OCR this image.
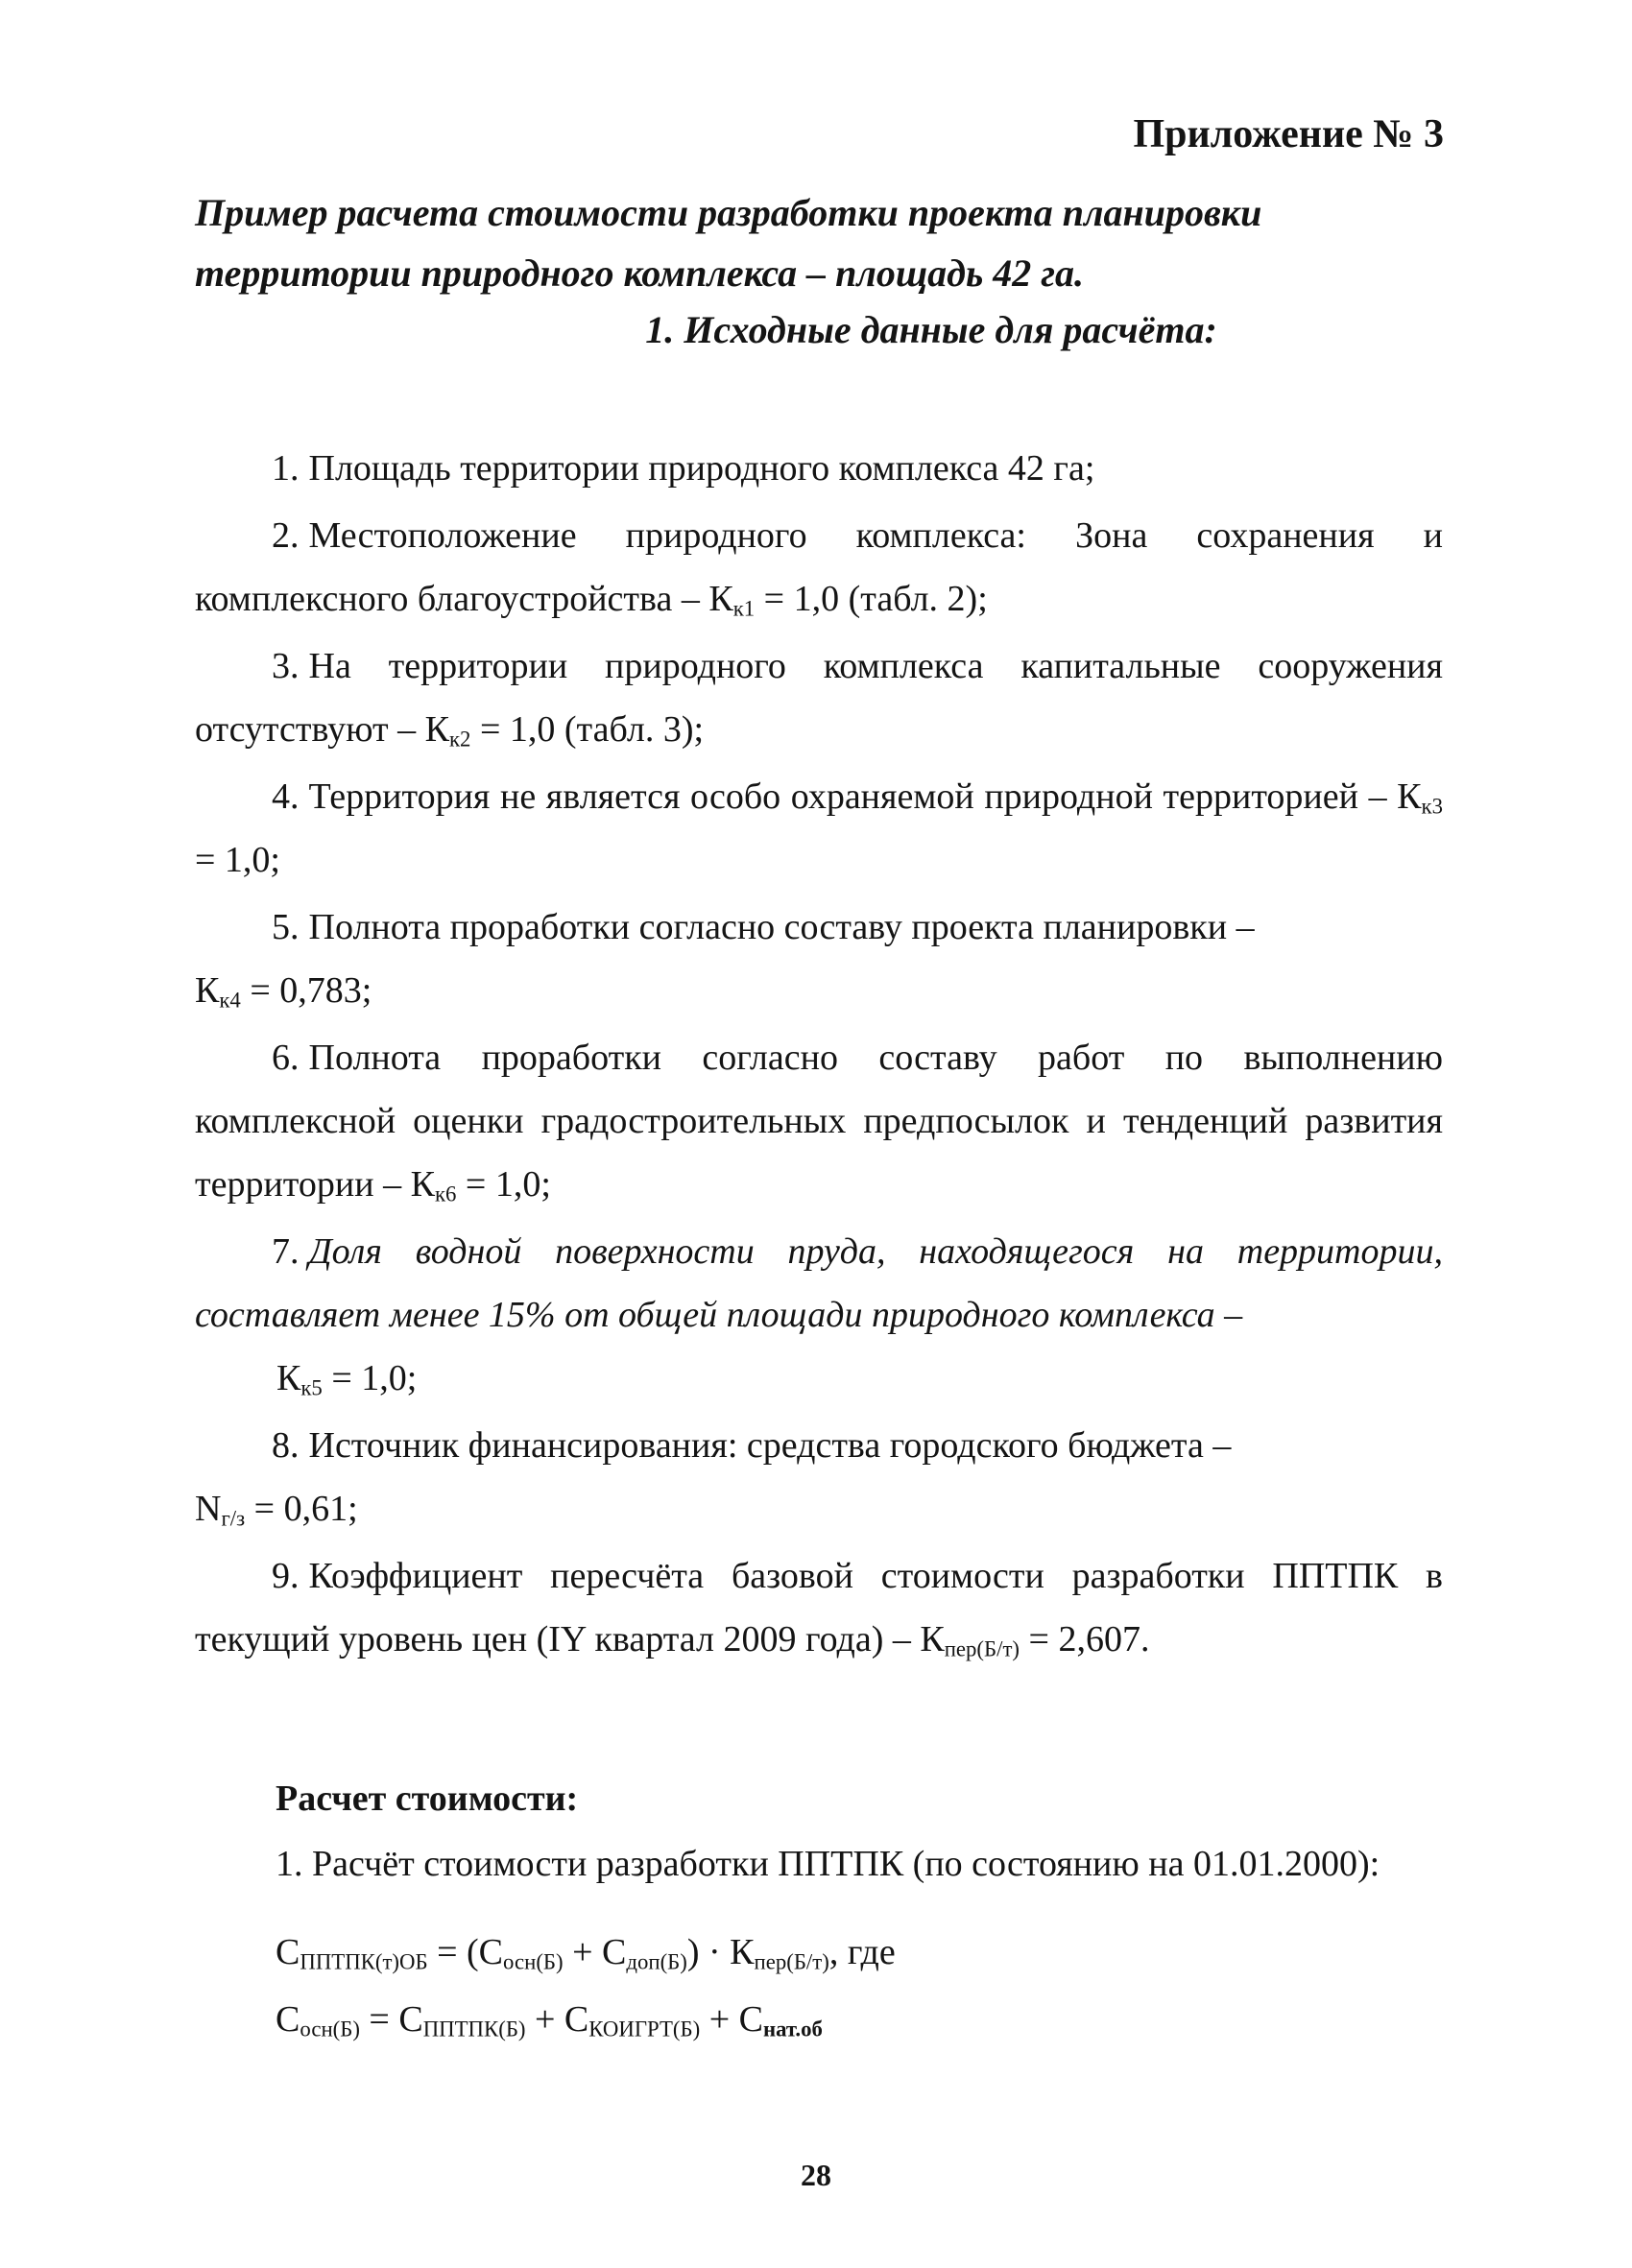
Приложение № 3

Пример расчета стоимости разработки проекта планировки
территории природного комплекса – площадь 42 га.

1. Исходные данные для расчёта:

1. Площадь территории природного комплекса 42 га;
2. Местоположение природного комплекса: Зона сохранения и комплексного благоустройства – $К_{к1} = 1,0$ (табл. 2);
3. На территории природного комплекса капитальные сооружения отсутствуют – $К_{к2} = 1,0$ (табл. 3);
4. Территория не является особо охраняемой природной территорией – $К_{к3} = 1,0$;
5. Полнота проработки согласно составу проекта планировки –
$К_{к4} = 0,783$;
6. Полнота проработки согласно составу работ по выполнению комплексной оценки градостроительных предпосылок и тенденций развития территории – $К_{к6} = 1,0$;
7. Доля водной поверхности пруда, находящегося на территории, составляет менее 15% от общей площади природного комплекса –
$К_{к5} = 1,0$;
8. Источник финансирования: средства городского бюджета –
$N_{г/з} = 0,61$;
9. Коэффициент пересчёта базовой стоимости разработки ППТПК в текущий уровень цен (IY квартал 2009 года) – $К_{пер(Б/т)} = 2,607$.

Расчет стоимости:

1. Расчёт стоимости разработки ППТПК (по состоянию на 01.01.2000):

$С_{ППТПК(т)ОБ} = (С_{осн(Б)} + С_{доп(Б)}) \cdot К_{пер(Б/т)}$, где

$С_{осн(Б)} = С_{ППТПК(Б)} + С_{КОИГРТ(Б)} + С_{нат.об}$

28
